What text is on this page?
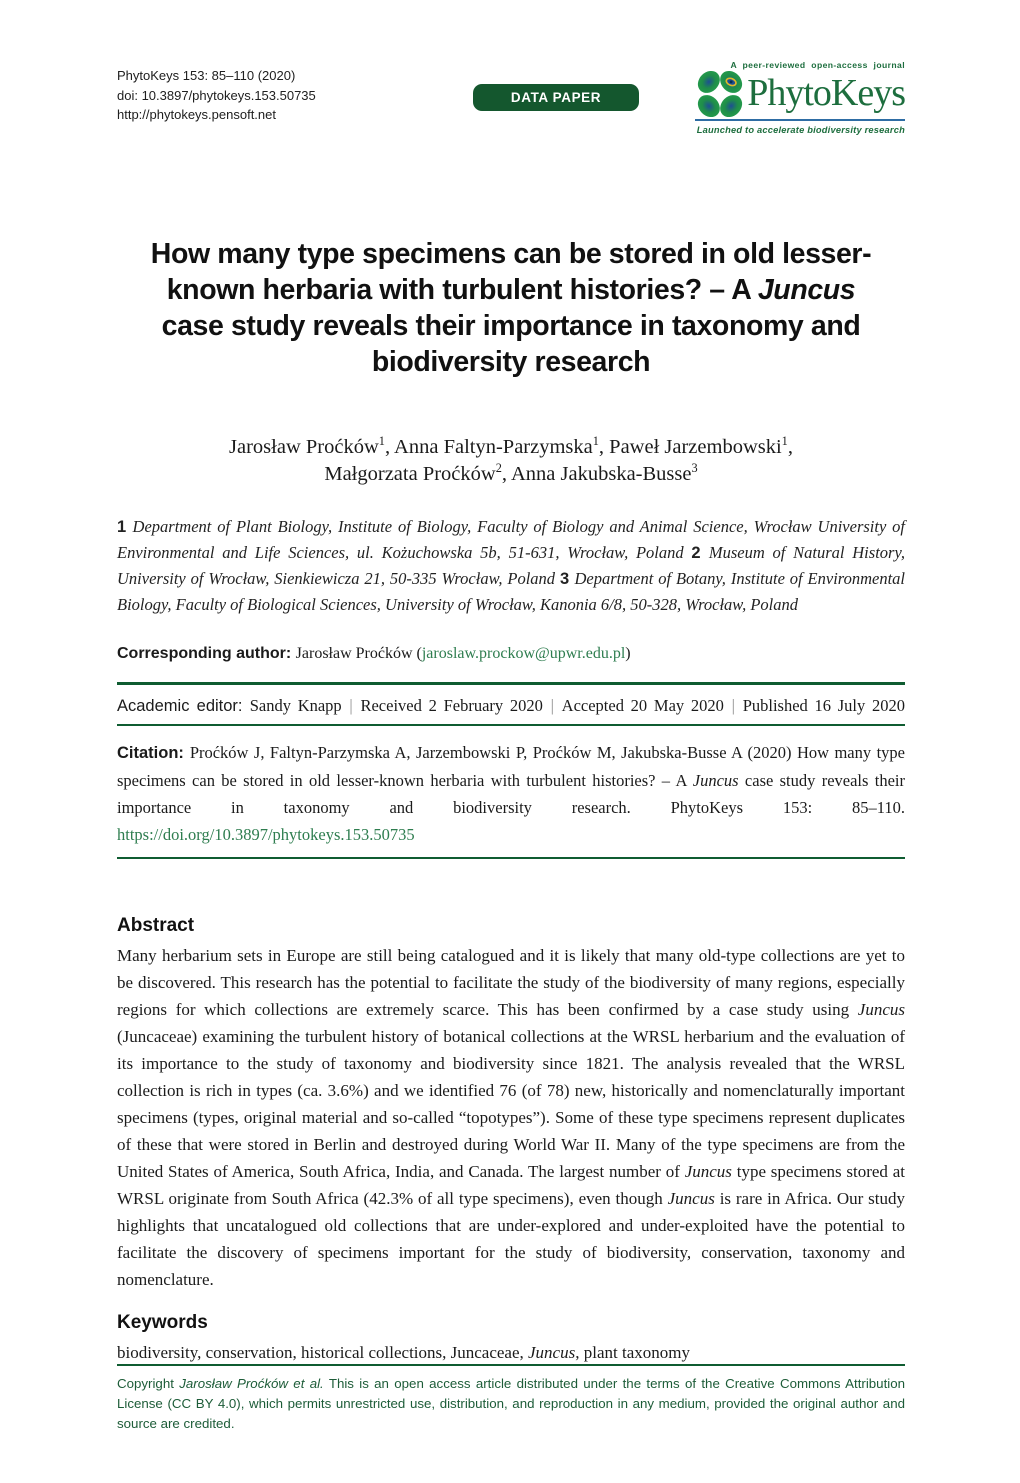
PhytoKeys 153: 85–110 (2020)
doi: 10.3897/phytokeys.153.50735
http://phytokeys.pensoft.net
DATA PAPER
A peer-reviewed open-access journal
PhytoKeys
Launched to accelerate biodiversity research
How many type specimens can be stored in old lesser-
known herbaria with turbulent histories? – A Juncus
case study reveals their importance in taxonomy and
biodiversity research
Jarosław Proćków$^1$, Anna Faltyn-Parzymska$^1$, Paweł Jarzembowski$^1$,
Małgorzata Proćków$^2$, Anna Jakubska-Busse$^3$

1 Department of Plant Biology, Institute of Biology, Faculty of Biology and Animal Science, Wrocław University of Environmental and Life Sciences, ul. Kożuchowska 5b, 51-631, Wrocław, Poland 2 Museum of Natural History, University of Wrocław, Sienkiewicza 21, 50-335 Wrocław, Poland 3 Department of Botany, Institute of Environmental Biology, Faculty of Biological Sciences, University of Wrocław, Kanonia 6/8, 50-328, Wrocław, Poland

Corresponding author: Jarosław Proćków (jaroslaw.prockow@upwr.edu.pl)

Academic editor: Sandy Knapp | Received 2 February 2020 | Accepted 20 May 2020 | Published 16 July 2020

Citation: Proćków J, Faltyn-Parzymska A, Jarzembowski P, Proćków M, Jakubska-Busse A (2020) How many type specimens can be stored in old lesser-known herbaria with turbulent histories? – A Juncus case study reveals their importance in taxonomy and biodiversity research. PhytoKeys 153: 85–110. https://doi.org/10.3897/phytokeys.153.50735

Abstract

Many herbarium sets in Europe are still being catalogued and it is likely that many old-type collections are yet to be discovered. This research has the potential to facilitate the study of the biodiversity of many regions, especially regions for which collections are extremely scarce. This has been confirmed by a case study using Juncus (Juncaceae) examining the turbulent history of botanical collections at the WRSL herbarium and the evaluation of its importance to the study of taxonomy and biodiversity since 1821. The analysis revealed that the WRSL collection is rich in types (ca. 3.6%) and we identified 76 (of 78) new, historically and nomenclaturally important specimens (types, original material and so-called “topotypes”). Some of these type specimens represent duplicates of these that were stored in Berlin and destroyed during World War II. Many of the type specimens are from the United States of America, South Africa, India, and Canada. The largest number of Juncus type specimens stored at WRSL originate from South Africa (42.3% of all type specimens), even though Juncus is rare in Africa. Our study highlights that uncatalogued old collections that are under-explored and under-exploited have the potential to facilitate the discovery of specimens important for the study of biodiversity, conservation, taxonomy and nomenclature.

Keywords

biodiversity, conservation, historical collections, Juncaceae, Juncus, plant taxonomy

Copyright Jarosław Proćków et al. This is an open access article distributed under the terms of the Creative Commons Attribution License (CC BY 4.0), which permits unrestricted use, distribution, and reproduction in any medium, provided the original author and source are credited.
